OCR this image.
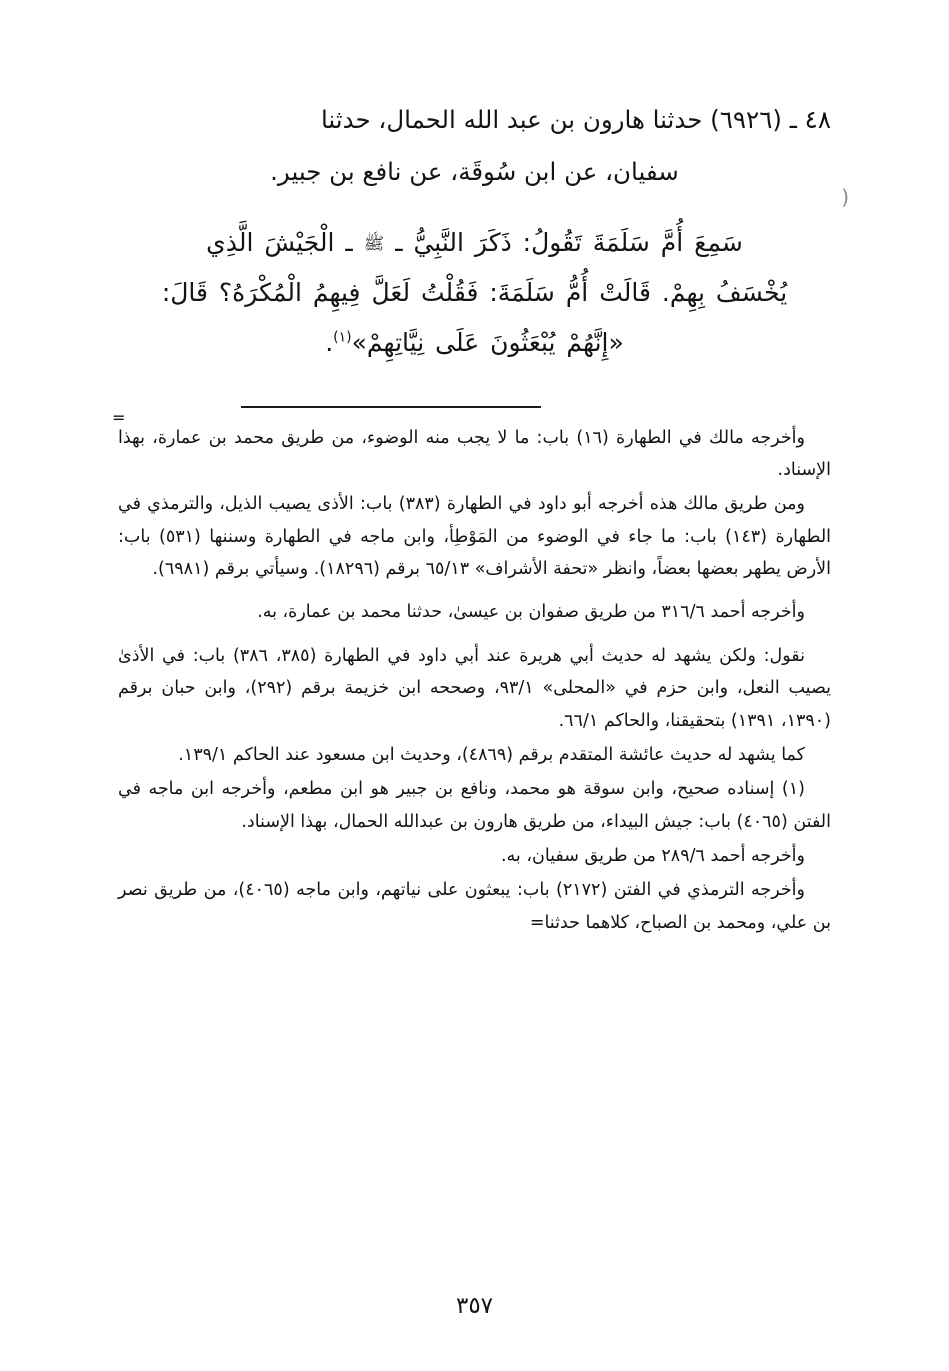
(

٤٨ ـ (٦٩٢٦) حدثنا هارون بن عبد الله الحمال، حدثنا
سفيان، عن ابن سُوقَة، عن نافع بن جبير.

سَمِعَ أُمَّ سَلَمَةَ تَقُولُ: ذَكَرَ النَّبِيُّ ـ ﷺ ـ الْجَيْشَ الَّذِي
يُخْسَفُ بِهِمْ. قَالَتْ أُمُّ سَلَمَةَ: فَقُلْتُ لَعَلَّ فِيهِمُ الْمُكْرَهُ؟ قَالَ:
«إِنَّهُمْ يُبْعَثُونَ عَلَى نِيَّاتِهِمْ»$^{(١)}$.
=

وأخرجه مالك في الطهارة (١٦) باب: ما لا يجب منه الوضوء، من طريق محمد بن عمارة، بهذا الإسناد.

ومن طريق مالك هذه أخرجه أبو داود في الطهارة (٣٨٣) باب: الأذى يصيب الذيل، والترمذي في الطهارة (١٤٣) باب: ما جاء في الوضوء من المَوْطِأ، وابن ماجه في الطهارة وسننها (٥٣١) باب: الأرض يطهر بعضها بعضاً، وانظر «تحفة الأشراف» ٦٥/١٣ برقم (١٨٢٩٦). وسيأتي برقم (٦٩٨١).

وأخرجه أحمد ٣١٦/٦ من طريق صفوان بن عيسىٰ، حدثنا محمد بن عمارة، به.

نقول: ولكن يشهد له حديث أبي هريرة عند أبي داود في الطهارة (٣٨٥، ٣٨٦) باب: في الأذىٰ يصيب النعل، وابن حزم في «المحلى» ٩٣/١، وصححه ابن خزيمة برقم (٢٩٢)، وابن حبان برقم (١٣٩٠، ١٣٩١) بتحقيقنا، والحاكم ٦٦/١.

كما يشهد له حديث عائشة المتقدم برقم (٤٨٦٩)، وحديث ابن مسعود عند الحاكم ١٣٩/١.

(١) إسناده صحيح، وابن سوقة هو محمد، ونافع بن جبير هو ابن مطعم، وأخرجه ابن ماجه في الفتن (٤٠٦٥) باب: جيش البيداء، من طريق هارون بن عبدالله الحمال، بهذا الإسناد.

وأخرجه أحمد ٢٨٩/٦ من طريق سفيان، به.

وأخرجه الترمذي في الفتن (٢١٧٢) باب: يبعثون على نياتهم، وابن ماجه (٤٠٦٥)، من طريق نصر بن علي، ومحمد بن الصباح، كلاهما حدثنا=

٣٥٧
